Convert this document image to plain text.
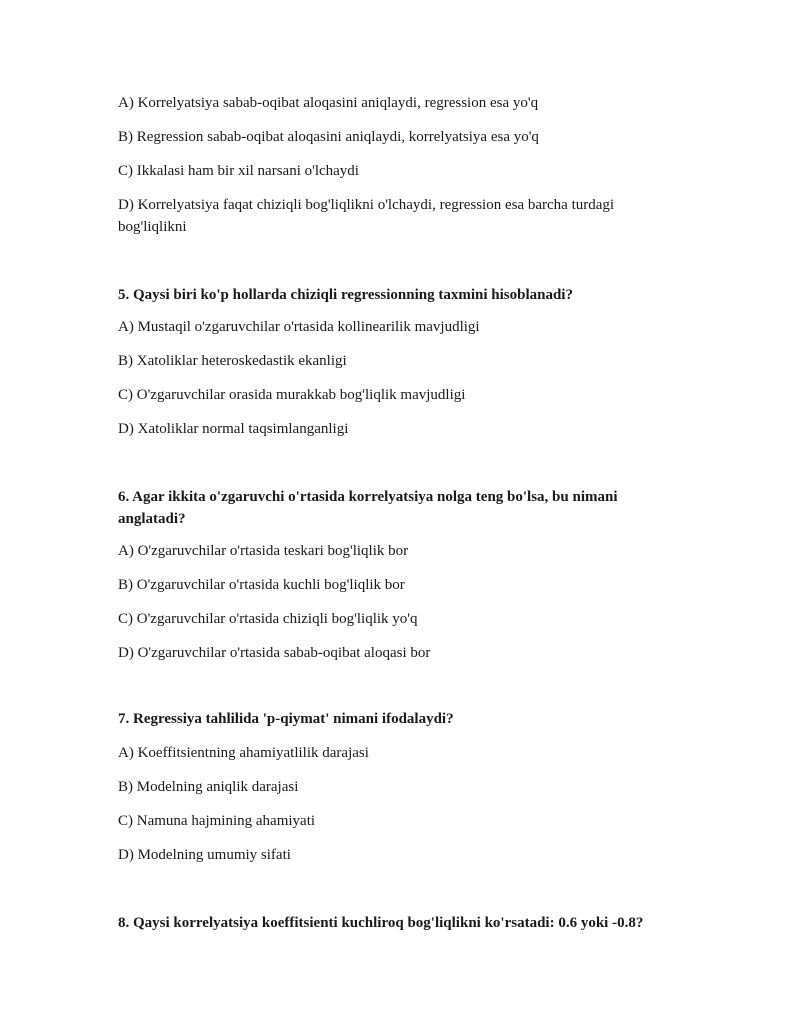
A) Korrelyatsiya sabab-oqibat aloqasini aniqlaydi, regression esa yo'q
B) Regression sabab-oqibat aloqasini aniqlaydi, korrelyatsiya esa yo'q
C) Ikkalasi ham bir xil narsani o'lchaydi
D) Korrelyatsiya faqat chiziqli bog'liqlikni o'lchaydi, regression esa barcha turdagi bog'liqlikni
5. Qaysi biri ko'p hollarda chiziqli regressionning taxmini hisoblanadi?
A) Mustaqil o'zgaruvchilar o'rtasida kollinearilik mavjudligi
B) Xatoliklar heteroskedastik ekanligi
C) O'zgaruvchilar orasida murakkab bog'liqlik mavjudligi
D) Xatoliklar normal taqsimlanganligi
6. Agar ikkita o'zgaruvchi o'rtasida korrelyatsiya nolga teng bo'lsa, bu nimani anglatadi?
A) O'zgaruvchilar o'rtasida teskari bog'liqlik bor
B) O'zgaruvchilar o'rtasida kuchli bog'liqlik bor
C) O'zgaruvchilar o'rtasida chiziqli bog'liqlik yo'q
D) O'zgaruvchilar o'rtasida sabab-oqibat aloqasi bor
7. Regressiya tahlilida 'p-qiymat' nimani ifodalaydi?
A) Koeffitsientning ahamiyatlilik darajasi
B) Modelning aniqlik darajasi
C) Namuna hajmining ahamiyati
D) Modelning umumiy sifati
8. Qaysi korrelyatsiya koeffitsienti kuchliroq bog'liqlikni ko'rsatadi: 0.6 yoki -0.8?
